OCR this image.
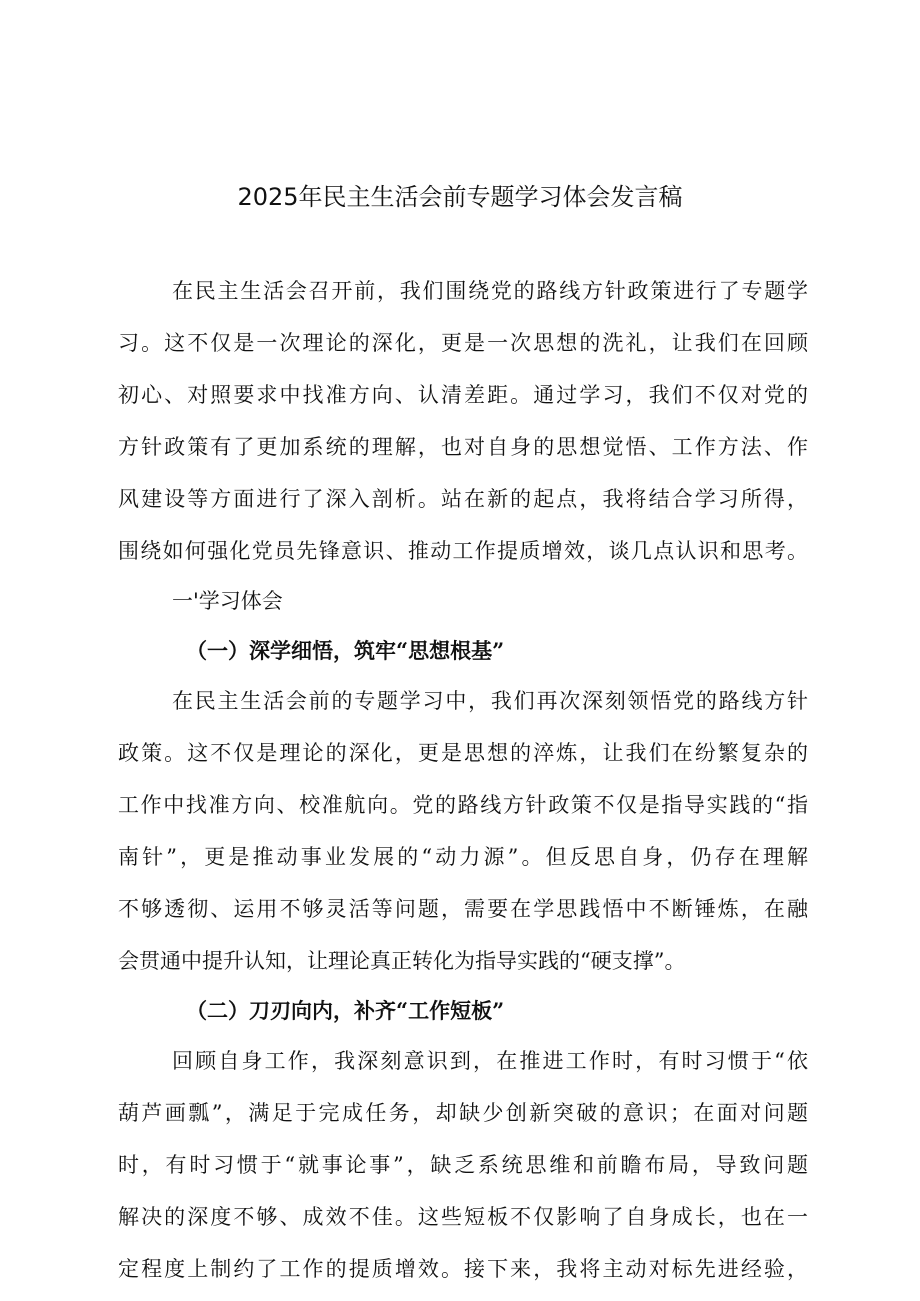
2025年民主生活会前专题学习体会发言稿

在民主生活会召开前，我们围绕党的路线方针政策进行了专题学

习。这不仅是一次理论的深化，更是一次思想的洗礼，让我们在回顾

初心、对照要求中找准方向、认清差距。通过学习，我们不仅对党的

方针政策有了更加系统的理解，也对自身的思想觉悟、工作方法、作

风建设等方面进行了深入剖析。站在新的起点，我将结合学习所得，

围绕如何强化党员先锋意识、推动工作提质增效，谈几点认识和思考。

一'学习体会

（一）深学细悟，筑牢“思想根基”

在民主生活会前的专题学习中，我们再次深刻领悟党的路线方针

政策。这不仅是理论的深化，更是思想的淬炼，让我们在纷繁复杂的

工作中找准方向、校准航向。党的路线方针政策不仅是指导实践的“指

南针”，更是推动事业发展的“动力源”。但反思自身，仍存在理解

不够透彻、运用不够灵活等问题，需要在学思践悟中不断锤炼，在融

会贯通中提升认知，让理论真正转化为指导实践的“硬支撑”。

（二）刀刃向内，补齐“工作短板”

回顾自身工作，我深刻意识到，在推进工作时，有时习惯于“依

葫芦画瓢”，满足于完成任务，却缺少创新突破的意识；在面对问题

时，有时习惯于“就事论事”，缺乏系统思维和前瞻布局，导致问题

解决的深度不够、成效不佳。这些短板不仅影响了自身成长，也在一

定程度上制约了工作的提质增效。接下来，我将主动对标先进经验，
